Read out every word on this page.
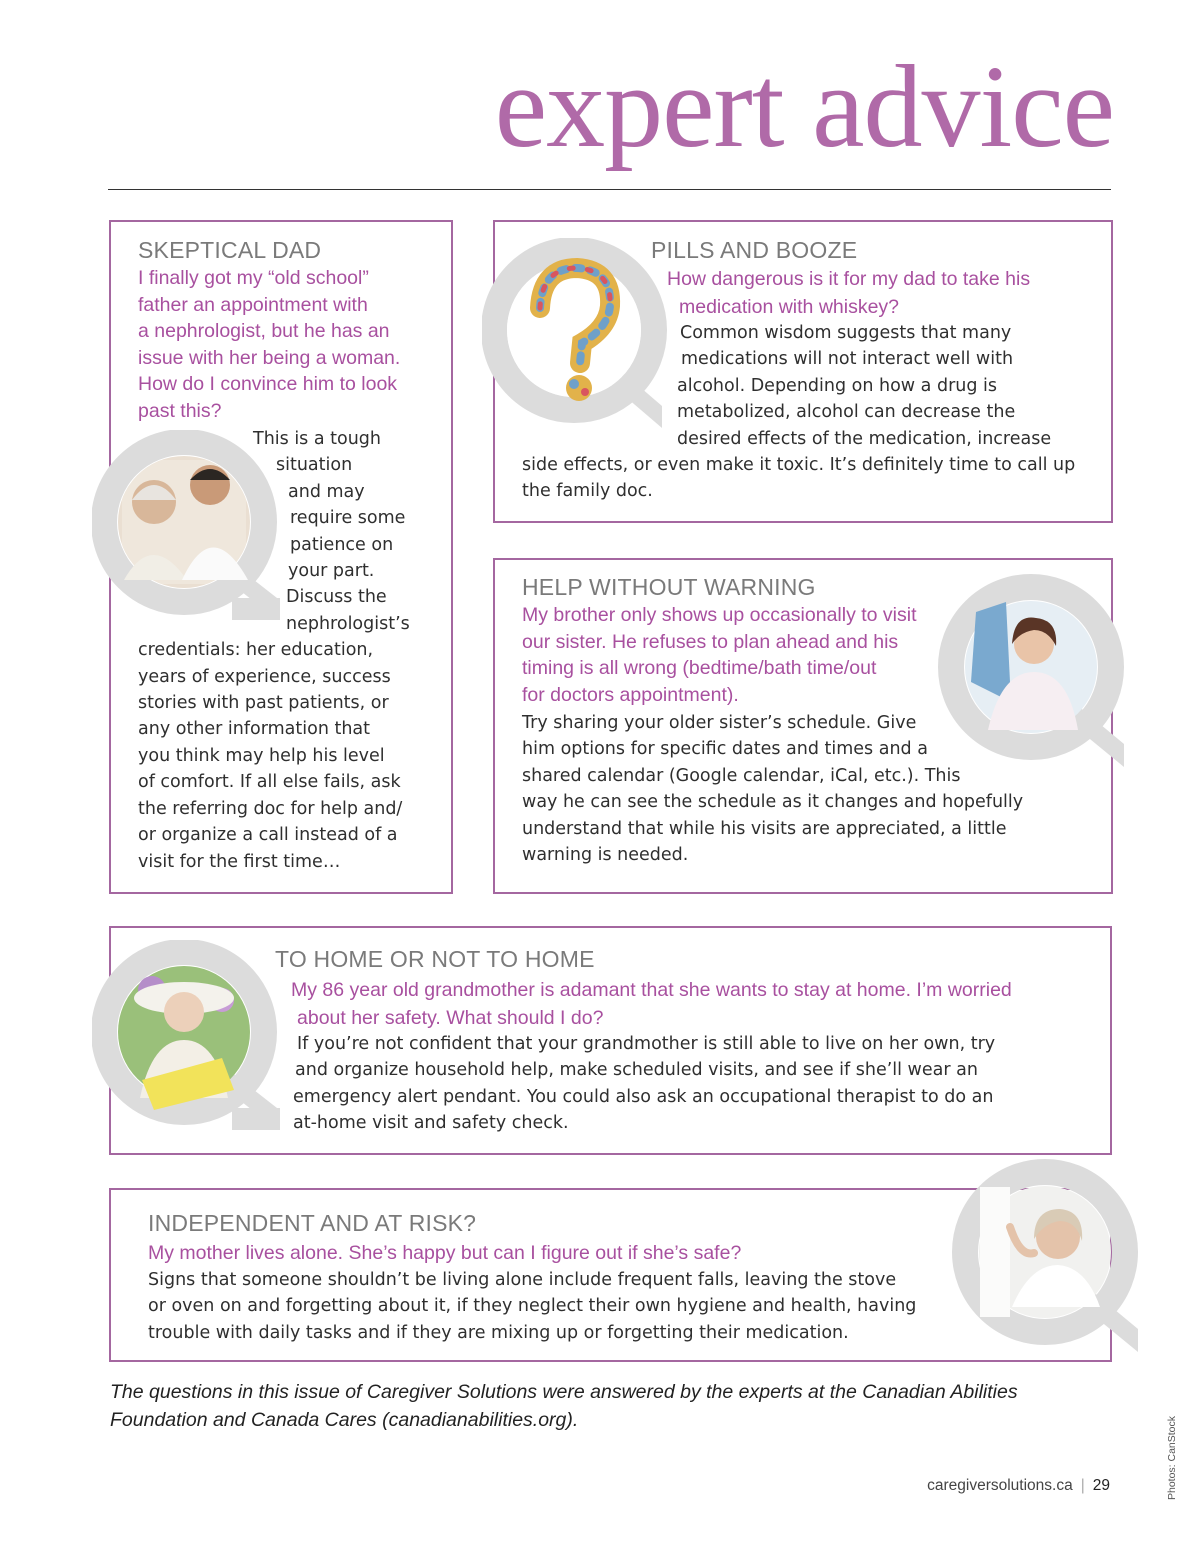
expert advice
SKEPTICAL DAD
I finally got my “old school”
father an appointment with
a nephrologist, but he has an
issue with her being a woman.
How do I convince him to look
past this?
This is a tough
situation
and may
require some
patience on
your part.
Discuss the
nephrologist’s
credentials: her education,
years of experience, success
stories with past patients, or
any other information that
you think may help his level
of comfort. If all else fails, ask
the referring doc for help and/
or organize a call instead of a
visit for the first time…
PILLS AND BOOZE
How dangerous is it for my dad to take his
medication with whiskey?
Common wisdom suggests that many
medications will not interact well with
alcohol. Depending on how a drug is
metabolized, alcohol can decrease the
desired effects of the medication, increase
side effects, or even make it toxic. It’s definitely time to call up
the family doc.
HELP WITHOUT WARNING
My brother only shows up occasionally to visit
our sister. He refuses to plan ahead and his
timing is all wrong (bedtime/bath time/out
for doctors appointment).
Try sharing your older sister’s schedule. Give
him options for specific dates and times and a
shared calendar (Google calendar, iCal, etc.). This
way he can see the schedule as it changes and hopefully
understand that while his visits are appreciated, a little
warning is needed.
TO HOME OR NOT TO HOME
My 86 year old grandmother is adamant that she wants to stay at home. I’m worried
about her safety. What should I do?
If you’re not confident that your grandmother is still able to live on her own, try
and organize household help, make scheduled visits, and see if she’ll wear an
emergency alert pendant. You could also ask an occupational therapist to do an
at-home visit and safety check.
INDEPENDENT AND AT RISK?
My mother lives alone. She’s happy but can I figure out if she’s safe?
Signs that someone shouldn’t be living alone include frequent falls, leaving the stove
or oven on and forgetting about it, if they neglect their own hygiene and health, having
trouble with daily tasks and if they are mixing up or forgetting their medication.

The questions in this issue of Caregiver Solutions were answered by the experts at the Canadian Abilities
Foundation and Canada Cares (canadianabilities.org).

caregiversolutions.ca | 29	Photos: CanStock
